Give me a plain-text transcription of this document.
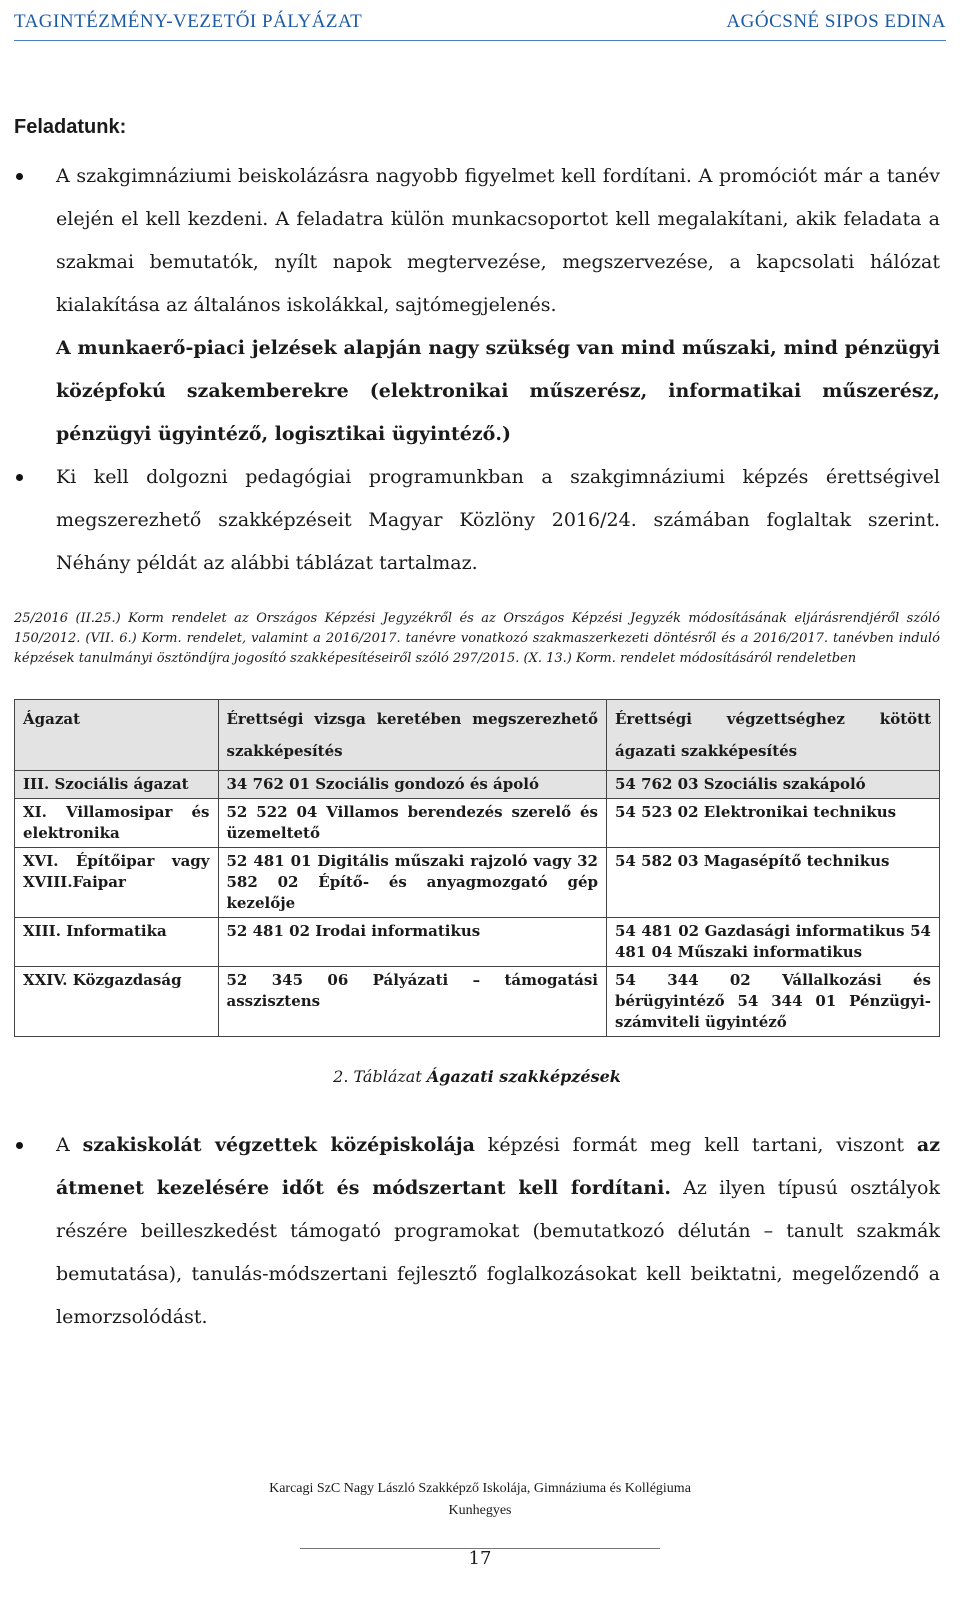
TAGINTÉZMÉNY-VEZETŐI PÁLYÁZAT	AGÓCSNÉ SIPOS EDINA
Feladatunk:
A szakgimnáziumi beiskolázásra nagyobb figyelmet kell fordítani. A promóciót már a tanév elején el kell kezdeni. A feladatra külön munkacsoportot kell megalakítani, akik feladata a szakmai bemutatók, nyílt napok megtervezése, megszervezése, a kapcsolati hálózat kialakítása az általános iskolákkal, sajtómegjelenés.
A munkaerő-piaci jelzések alapján nagy szükség van mind műszaki, mind pénzügyi középfokú szakemberekre (elektronikai műszerész, informatikai műszerész, pénzügyi ügyintéző, logisztikai ügyintéző.)
Ki kell dolgozni pedagógiai programunkban a szakgimnáziumi képzés érettségivel megszerezhető szakképzéseit Magyar Közlöny 2016/24. számában foglaltak szerint. Néhány példát az alábbi táblázat tartalmaz.
25/2016 (II.25.) Korm rendelet az Országos Képzési Jegyzékről és az Országos Képzési Jegyzék módosításának eljárásrendjéről szóló 150/2012. (VII. 6.) Korm. rendelet, valamint a 2016/2017. tanévre vonatkozó szakmaszerkezeti döntésről és a 2016/2017. tanévben induló képzések tanulmányi ösztöndíjra jogosító szakképesítéseiről szóló 297/2015. (X. 13.) Korm. rendelet módosításáról rendeletben
Ágazat	Érettségi vizsga keretében megszerezhető szakképesítés	Érettségi végzettséghez kötött ágazati szakképesítés
III. Szociális ágazat	34 762 01 Szociális gondozó és ápoló	54 762 03 Szociális szakápoló
XI. Villamosipar és elektronika	52 522 04 Villamos berendezés szerelő és üzemeltető	54 523 02 Elektronikai technikus
XVI. Építőipar vagy XVIII.Faipar	52 481 01 Digitális műszaki rajzoló vagy 32 582 02 Építő- és anyagmozgató gép kezelője	54 582 03 Magasépítő technikus
XIII. Informatika	52 481 02 Irodai informatikus	54 481 02 Gazdasági informatikus 54 481 04 Műszaki informatikus
XXIV. Közgazdaság	52 345 06 Pályázati – támogatási asszisztens	54 344 02 Vállalkozási és bérügyintéző 54 344 01 Pénzügyi-számviteli ügyintéző
2. Táblázat Ágazati szakképzések
A szakiskolát végzettek középiskolája képzési formát meg kell tartani, viszont az átmenet kezelésére időt és módszertant kell fordítani. Az ilyen típusú osztályok részére beilleszkedést támogató programokat (bemutatkozó délután – tanult szakmák bemutatása), tanulás-módszertani fejlesztő foglalkozásokat kell beiktatni, megelőzendő a lemorzsolódást.
Karcagi SzC Nagy László Szakképző Iskolája, Gimnáziuma és Kollégiuma
Kunhegyes
17
